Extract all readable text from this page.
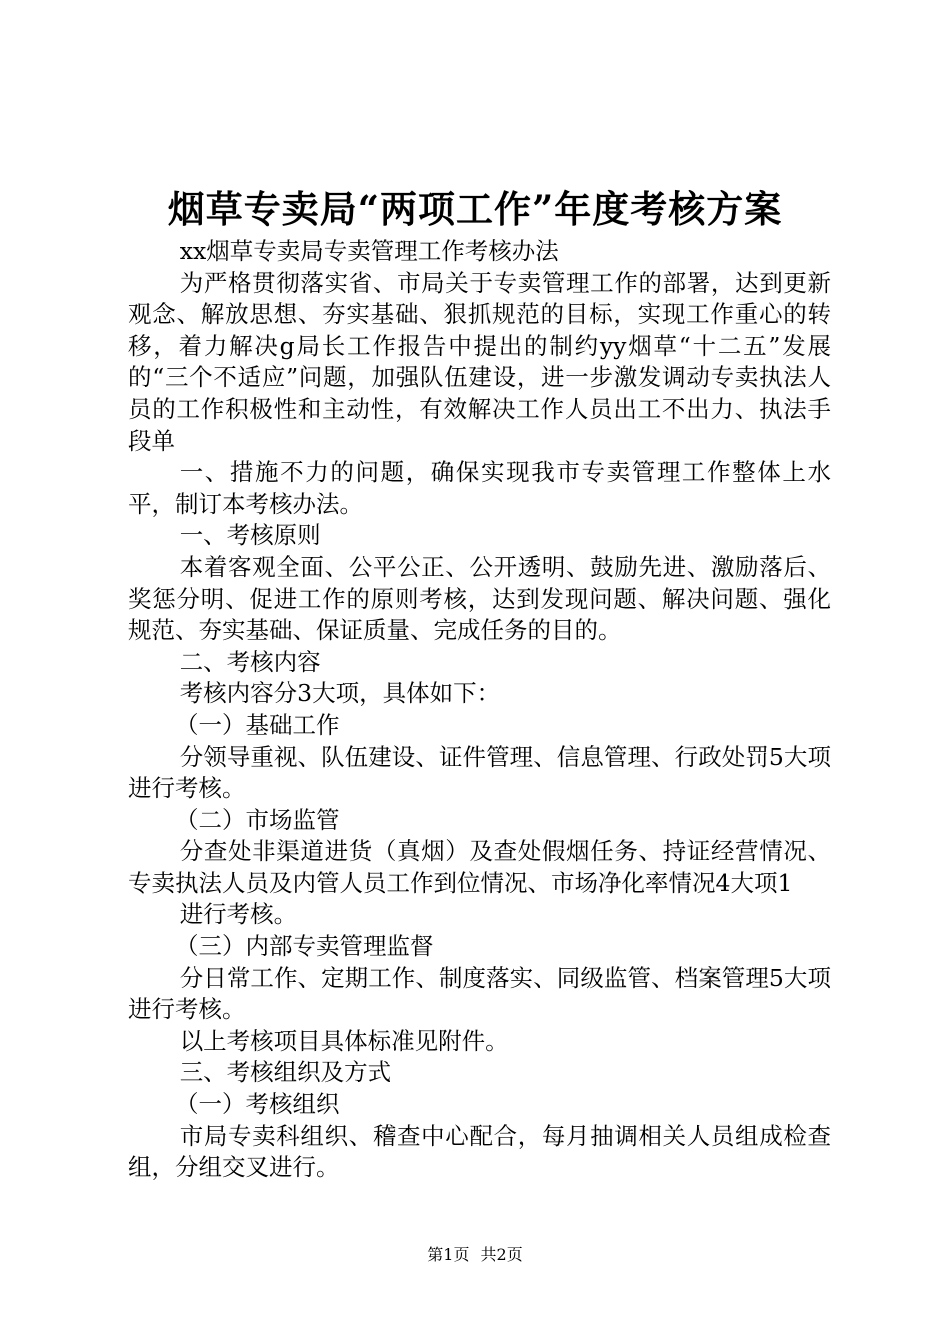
烟草专卖局“两项工作”年度考核方案

xx烟草专卖局专卖管理工作考核办法

为严格贯彻落实省、市局关于专卖管理工作的部署，达到更新观念、解放思想、夯实基础、狠抓规范的目标，实现工作重心的转移，着力解决g局长工作报告中提出的制约yy烟草“十二五”发展的“三个不适应”问题，加强队伍建设，进一步激发调动专卖执法人员的工作积极性和主动性，有效解决工作人员出工不出力、执法手段单

一、措施不力的问题，确保实现我市专卖管理工作整体上水平，制订本考核办法。

一、考核原则

本着客观全面、公平公正、公开透明、鼓励先进、激励落后、奖惩分明、促进工作的原则考核，达到发现问题、解决问题、强化规范、夯实基础、保证质量、完成任务的目的。

二、考核内容

考核内容分3大项，具体如下：

（一）基础工作

分领导重视、队伍建设、证件管理、信息管理、行政处罚5大项进行考核。

（二）市场监管

分查处非渠道进货（真烟）及查处假烟任务、持证经营情况、专卖执法人员及内管人员工作到位情况、市场净化率情况4大项1

进行考核。

（三）内部专卖管理监督

分日常工作、定期工作、制度落实、同级监管、档案管理5大项进行考核。

以上考核项目具体标准见附件。

三、考核组织及方式

（一）考核组织

市局专卖科组织、稽查中心配合，每月抽调相关人员组成检查组，分组交叉进行。

第1页 共2页
